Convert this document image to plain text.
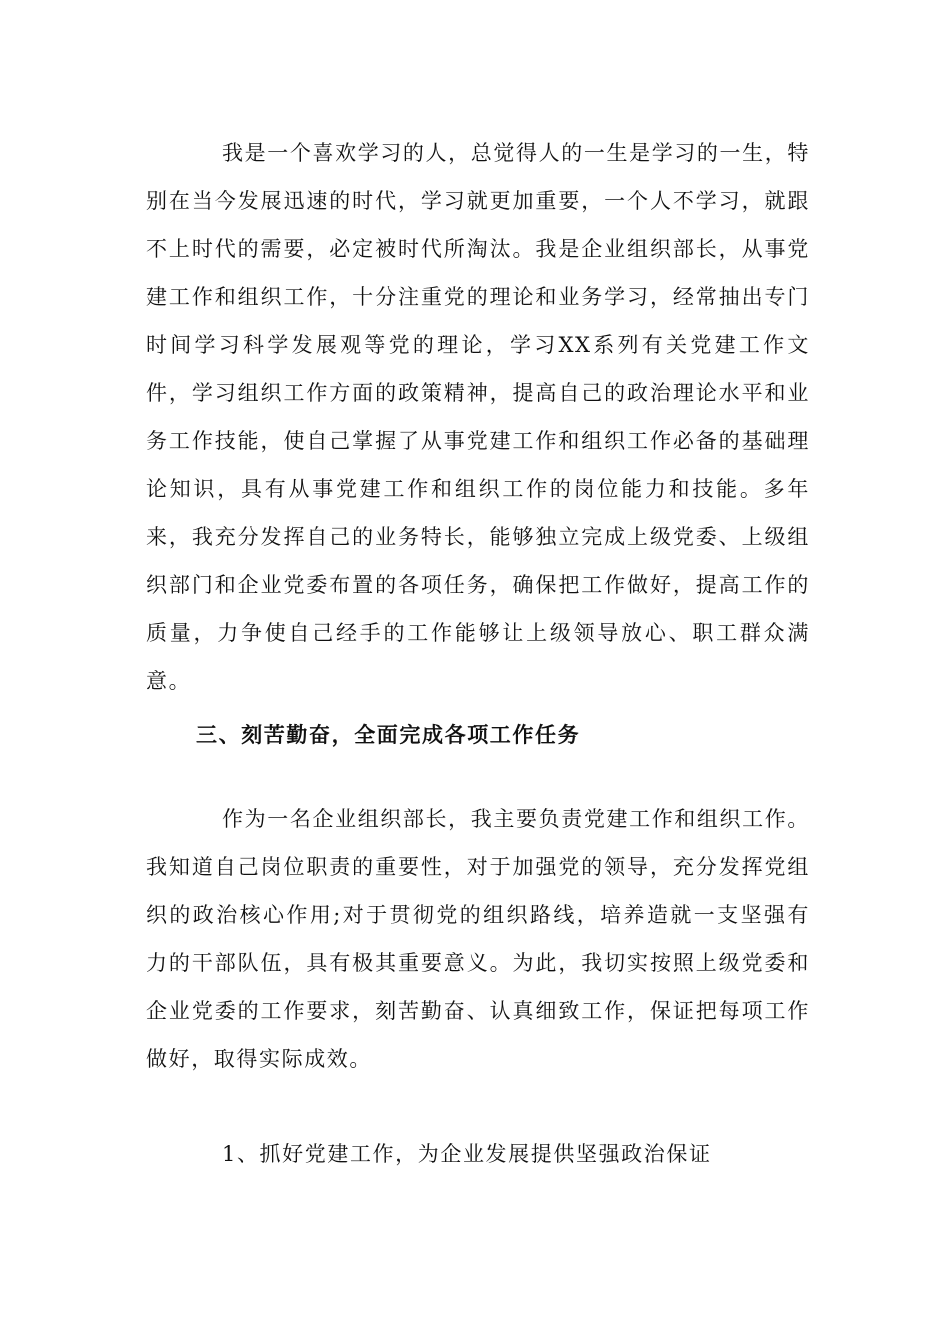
我是一个喜欢学习的人，总觉得人的一生是学习的一生，特别在当今发展迅速的时代，学习就更加重要，一个人不学习，就跟不上时代的需要，必定被时代所淘汰。我是企业组织部长，从事党建工作和组织工作，十分注重党的理论和业务学习，经常抽出专门时间学习科学发展观等党的理论，学习XX系列有关党建工作文件，学习组织工作方面的政策精神，提高自己的政治理论水平和业务工作技能，使自己掌握了从事党建工作和组织工作必备的基础理论知识，具有从事党建工作和组织工作的岗位能力和技能。多年来，我充分发挥自己的业务特长，能够独立完成上级党委、上级组织部门和企业党委布置的各项任务，确保把工作做好，提高工作的质量，力争使自己经手的工作能够让上级领导放心、职工群众满意。

三、刻苦勤奋，全面完成各项工作任务

作为一名企业组织部长，我主要负责党建工作和组织工作。我知道自己岗位职责的重要性，对于加强党的领导，充分发挥党组织的政治核心作用;对于贯彻党的组织路线，培养造就一支坚强有力的干部队伍，具有极其重要意义。为此，我切实按照上级党委和企业党委的工作要求，刻苦勤奋、认真细致工作，保证把每项工作做好，取得实际成效。

1、抓好党建工作，为企业发展提供坚强政治保证
